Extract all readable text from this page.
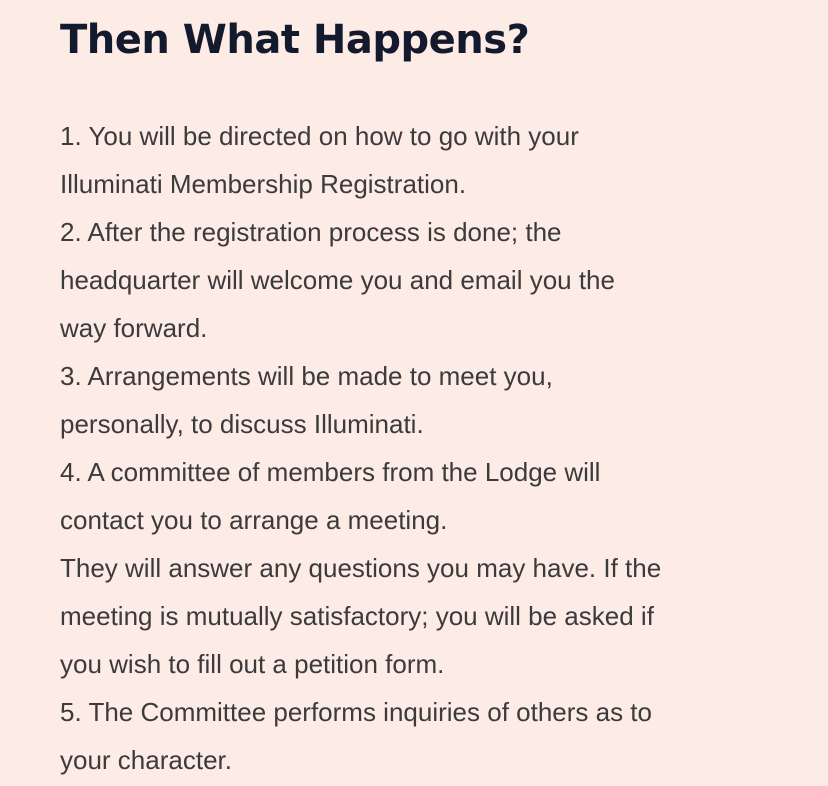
Then What Happens?
1. You will be directed on how to go with your
Illuminati Membership Registration.
2. After the registration process is done; the
headquarter will welcome you and email you the
way forward.
3. Arrangements will be made to meet you,
personally, to discuss Illuminati.
4. A committee of members from the Lodge will
contact you to arrange a meeting.
They will answer any questions you may have. If the
meeting is mutually satisfactory; you will be asked if
you wish to fill out a petition form.
5. The Committee performs inquiries of others as to
your character.
